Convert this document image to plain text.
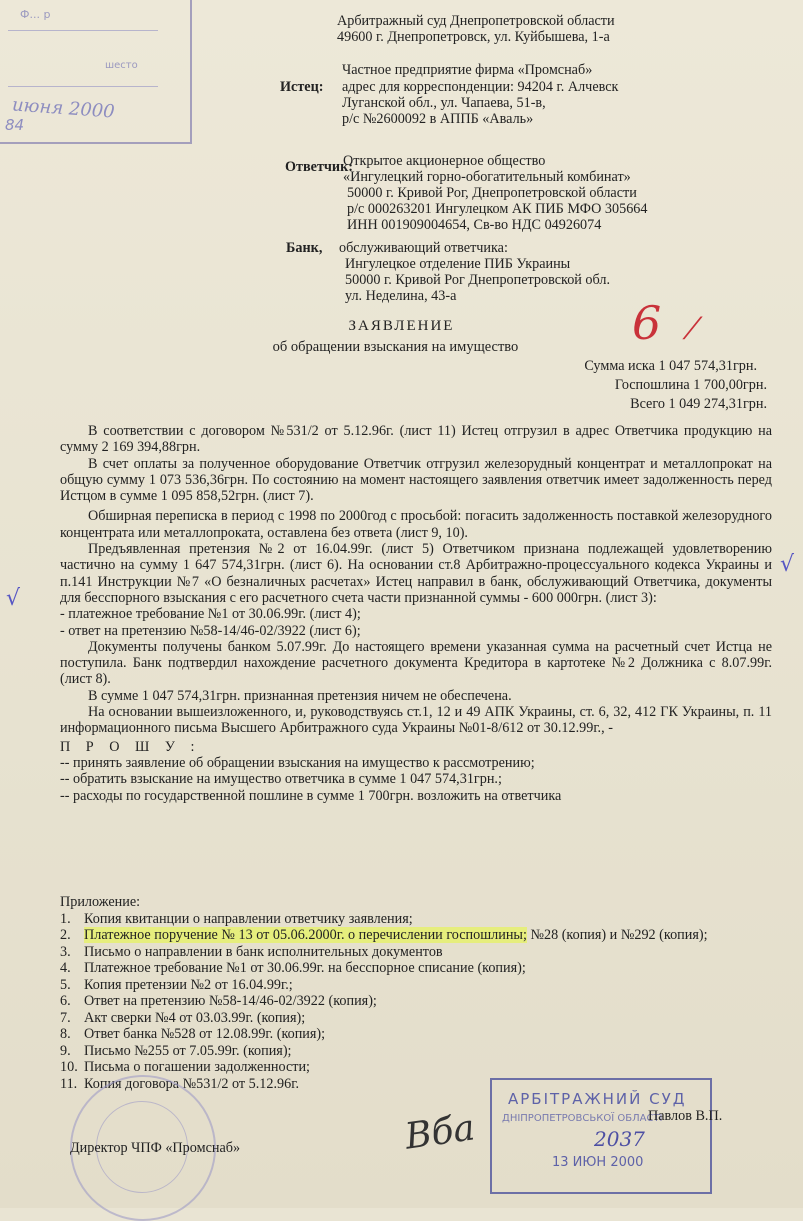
Ф... р
шесто
июня 2000
84
Арбитражный суд Днепропетровской области
49600 г. Днепропетровск, ул. Куйбышева, 1-а
Истец:
Частное предприятие фирма «Промснаб»
адрес для корреспонденции: 94204 г. Алчевск
Луганской обл., ул. Чапаева, 51-в,
р/с №2600092 в АППБ «Аваль»
Ответчик:
Открытое акционерное общество
«Ингулецкий горно-обогатительный комбинат»
50000 г. Кривой Рог, Днепропетровской области
р/с 000263201 Ингулецком АК ПИБ МФО 305664
ИНН 001909004654, Св-во НДС 04926074
Банк, обслуживающий ответчика:
Ингулецкое отделение ПИБ Украины
50000 г. Кривой Рог Днепропетровской обл.
ул. Неделина, 43-а
ЗАЯВЛЕНИЕ
об обращении взыскания на имущество	6 ⁄
Сумма иска 1 047 574,31грн.
Госпошлина 1 700,00грн.
Всего 1 049 274,31грн.

В соответствии с договором №531/2 от 5.12.96г. (лист 11) Истец отгрузил в адрес Ответчика продукцию на сумму 2 169 394,88грн.

В счет оплаты за полученное оборудование Ответчик отгрузил железорудный концентрат и металлопрокат на общую сумму 1 073 536,36грн. По состоянию на момент настоящего заявления ответчик имеет задолженность перед Истцом в сумме 1 095 858,52грн. (лист 7).

Обширная переписка в период с 1998 по 2000год с просьбой: погасить задолженность поставкой железорудного концентрата или металлопроката, оставлена без ответа (лист 9, 10).

Предъявленная претензия №2 от 16.04.99г. (лист 5) Ответчиком признана подлежащей удовлетворению частично на сумму 1 647 574,31грн. (лист 6). На основании ст.8 Арбитражно-процессуального кодекса Украины и п.141 Инструкции №7 «О безналичных расчетах» Истец направил в банк, обслуживающий Ответчика, документы для бесспорного взыскания с его расчетного счета части признанной суммы - 600 000грн. (лист 3):

- платежное требование №1 от 30.06.99г. (лист 4);

- ответ на претензию №58-14/46-02/3922 (лист 6);

Документы получены банком 5.07.99г. До настоящего времени указанная сумма на расчетный счет Истца не поступила. Банк подтвердил нахождение расчетного документа Кредитора в картотеке №2 Должника с 8.07.99г. (лист 8).

В сумме 1 047 574,31грн. признанная претензия ничем не обеспечена.

На основании вышеизложенного, и, руководствуясь ст.1, 12 и 49 АПК Украины, ст. 6, 32, 412 ГК Украины, п. 11 информационного письма Высшего Арбитражного суда Украины №01-8/612 от 30.12.99г., -

П Р О Ш У :

-- принять заявление об обращении взыскания на имущество к рассмотрению;

-- обратить взыскание на имущество ответчика в сумме 1 047 574,31грн.;

-- расходы по государственной пошлине в сумме 1 700грн. возложить на ответчика

√
√
Приложение:
1. Копия квитанции о направлении ответчику заявления;
2. Платежное поручение № 13 от 05.06.2000г. о перечислении госпошлины; №28 (копия) и №292 (копия);
3. Письмо о направлении в банк исполнительных документов
4. Платежное требование №1 от 30.06.99г. на бесспорное списание (копия);
5. Копия претензии №2 от 16.04.99г.;
6. Ответ на претензию №58-14/46-02/3922 (копия);
7. Акт сверки №4 от 03.03.99г. (копия);
8. Ответ банка №528 от 12.08.99г. (копия);
9. Письмо №255 от 7.05.99г. (копия);
10. Письма о погашении задолженности;
11. Копия договора №531/2 от 5.12.96г.
Директор ЧПФ «Промснаб»	Вба
АРБІТРАЖНИЙ СУД
ДНІПРОПЕТРОВСЬКОЇ ОБЛАСТІ
2037
13 ИЮН 2000
Павлов В.П.
